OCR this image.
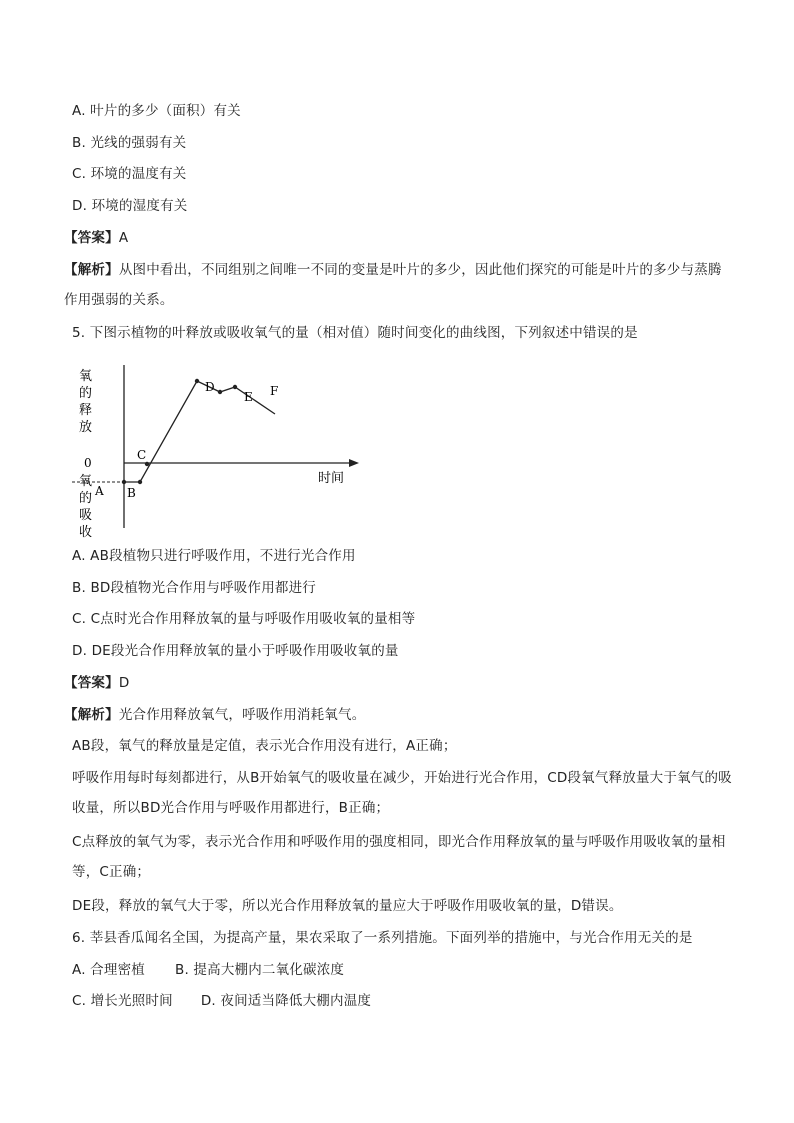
A. 叶片的多少（面积）有关
B. 光线的强弱有关
C. 环境的温度有关
D. 环境的湿度有关
【答案】A
【解析】从图中看出，不同组别之间唯一不同的变量是叶片的多少，因此他们探究的可能是叶片的多少与蒸腾作用强弱的关系。
5. 下图示植物的叶释放或吸收氧气的量（相对值）随时间变化的曲线图，下列叙述中错误的是
A B
C
D
E F
氧
的
释
放
0
氧
的
吸
收
时间
A. AB段植物只进行呼吸作用，不进行光合作用
B. BD段植物光合作用与呼吸作用都进行
C. C点时光合作用释放氧的量与呼吸作用吸收氧的量相等
D. DE段光合作用释放氧的量小于呼吸作用吸收氧的量
【答案】D
【解析】光合作用释放氧气，呼吸作用消耗氧气。
AB段，氧气的释放量是定值，表示光合作用没有进行，A正确；
呼吸作用每时每刻都进行，从B开始氧气的吸收量在减少，开始进行光合作用，CD段氧气释放量大于氧气的吸收量，所以BD光合作用与呼吸作用都进行，B正确；
C点释放的氧气为零，表示光合作用和呼吸作用的强度相同，即光合作用释放氧的量与呼吸作用吸收氧的量相等，C正确；
DE段，释放的氧气大于零，所以光合作用释放氧的量应大于呼吸作用吸收氧的量，D错误。
6. 莘县香瓜闻名全国，为提高产量，果农采取了一系列措施。下面列举的措施中，与光合作用无关的是
A. 合理密植 B. 提高大棚内二氧化碳浓度
C. 增长光照时间 D. 夜间适当降低大棚内温度
